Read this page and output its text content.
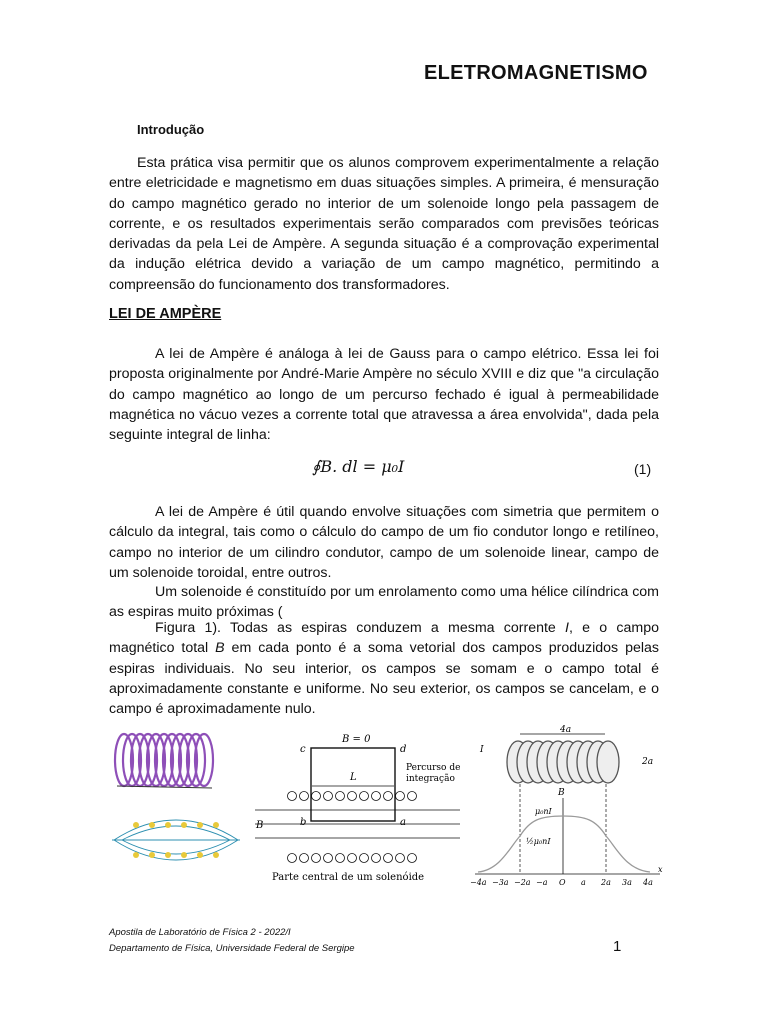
ELETROMAGNETISMO
Introdução

Esta prática visa permitir que os alunos comprovem experimentalmente a relação entre eletricidade e magnetismo em duas situações simples. A primeira, é mensuração do campo magnético gerado no interior de um solenoide longo pela passagem de corrente, e os resultados experimentais serão comparados com previsões teóricas derivadas da pela Lei de Ampère. A segunda situação é a comprovação experimental da indução elétrica devido a variação de um campo magnético, permitindo a compreensão do funcionamento dos transformadores.

LEI DE AMPÈRE

A lei de Ampère é análoga à lei de Gauss para o campo elétrico. Essa lei foi proposta originalmente por André-Marie Ampère no século XVIII e diz que "a circulação do campo magnético ao longo de um percurso fechado é igual à permeabilidade magnética no vácuo vezes a corrente total que atravessa a área envolvida", dada pela seguinte integral de linha:

∮B. dl = μ₀I	(1)

A lei de Ampère é útil quando envolve situações com simetria que permitem o cálculo da integral, tais como o cálculo do campo de um fio condutor longo e retilíneo, campo no interior de um cilindro condutor, campo de um solenoide linear, campo de um solenoide toroidal, entre outros.

Um solenoide é constituído por um enrolamento como uma hélice cilíndrica com as espiras muito próximas (

Figura 1). Todas as espiras conduzem a mesma corrente I, e o campo magnético total B em cada ponto é a soma vetorial dos campos produzidos pelas espiras individuais. No seu interior, os campos se somam e o campo total é aproximadamente constante e uniforme. No seu exterior, os campos se cancelam, e o campo é aproximadamente nulo.

B = 0
c	d
L
Percurso de
integração
B	b	a
Parte central de um solenóide
4a
2a
I
B
μ₀nI
½μ₀nI
−4a −3a −2a −a O a 2a 3a 4a
x
Apostila de Laboratório de Física 2 - 2022/I
Departamento de Física, Universidade Federal de Sergipe	1
